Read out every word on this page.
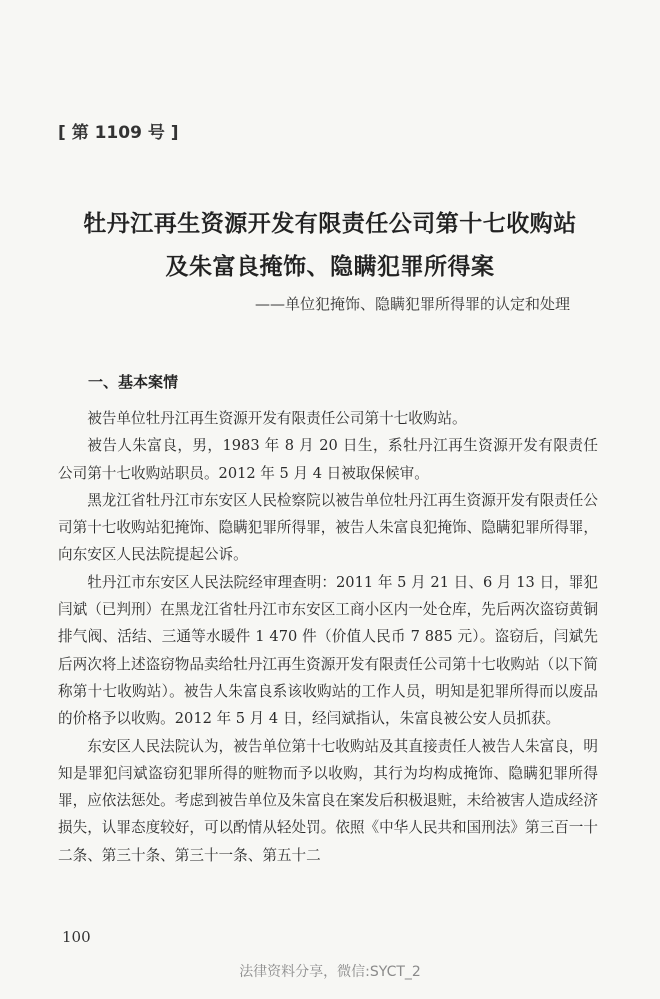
[ 第 1109 号 ]
牡丹江再生资源开发有限责任公司第十七收购站
及朱富良掩饰、隐瞒犯罪所得案
——单位犯掩饰、隐瞒犯罪所得罪的认定和处理
一、基本案情

被告单位牡丹江再生资源开发有限责任公司第十七收购站。

被告人朱富良，男，1983 年 8 月 20 日生，系牡丹江再生资源开发有限责任公司第十七收购站职员。2012 年 5 月 4 日被取保候审。

黑龙江省牡丹江市东安区人民检察院以被告单位牡丹江再生资源开发有限责任公司第十七收购站犯掩饰、隐瞒犯罪所得罪，被告人朱富良犯掩饰、隐瞒犯罪所得罪，向东安区人民法院提起公诉。

牡丹江市东安区人民法院经审理查明：2011 年 5 月 21 日、6 月 13 日，罪犯闫斌（已判刑）在黑龙江省牡丹江市东安区工商小区内一处仓库，先后两次盗窃黄铜排气阀、活结、三通等水暖件 1 470 件（价值人民币 7 885 元）。盗窃后，闫斌先后两次将上述盗窃物品卖给牡丹江再生资源开发有限责任公司第十七收购站（以下简称第十七收购站）。被告人朱富良系该收购站的工作人员，明知是犯罪所得而以废品的价格予以收购。2012 年 5 月 4 日，经闫斌指认，朱富良被公安人员抓获。

东安区人民法院认为，被告单位第十七收购站及其直接责任人被告人朱富良，明知是罪犯闫斌盗窃犯罪所得的赃物而予以收购，其行为均构成掩饰、隐瞒犯罪所得罪，应依法惩处。考虑到被告单位及朱富良在案发后积极退赃，未给被害人造成经济损失，认罪态度较好，可以酌情从轻处罚。依照《中华人民共和国刑法》第三百一十二条、第三十条、第三十一条、第五十二

100
法律资料分享，微信:SYCT_2
